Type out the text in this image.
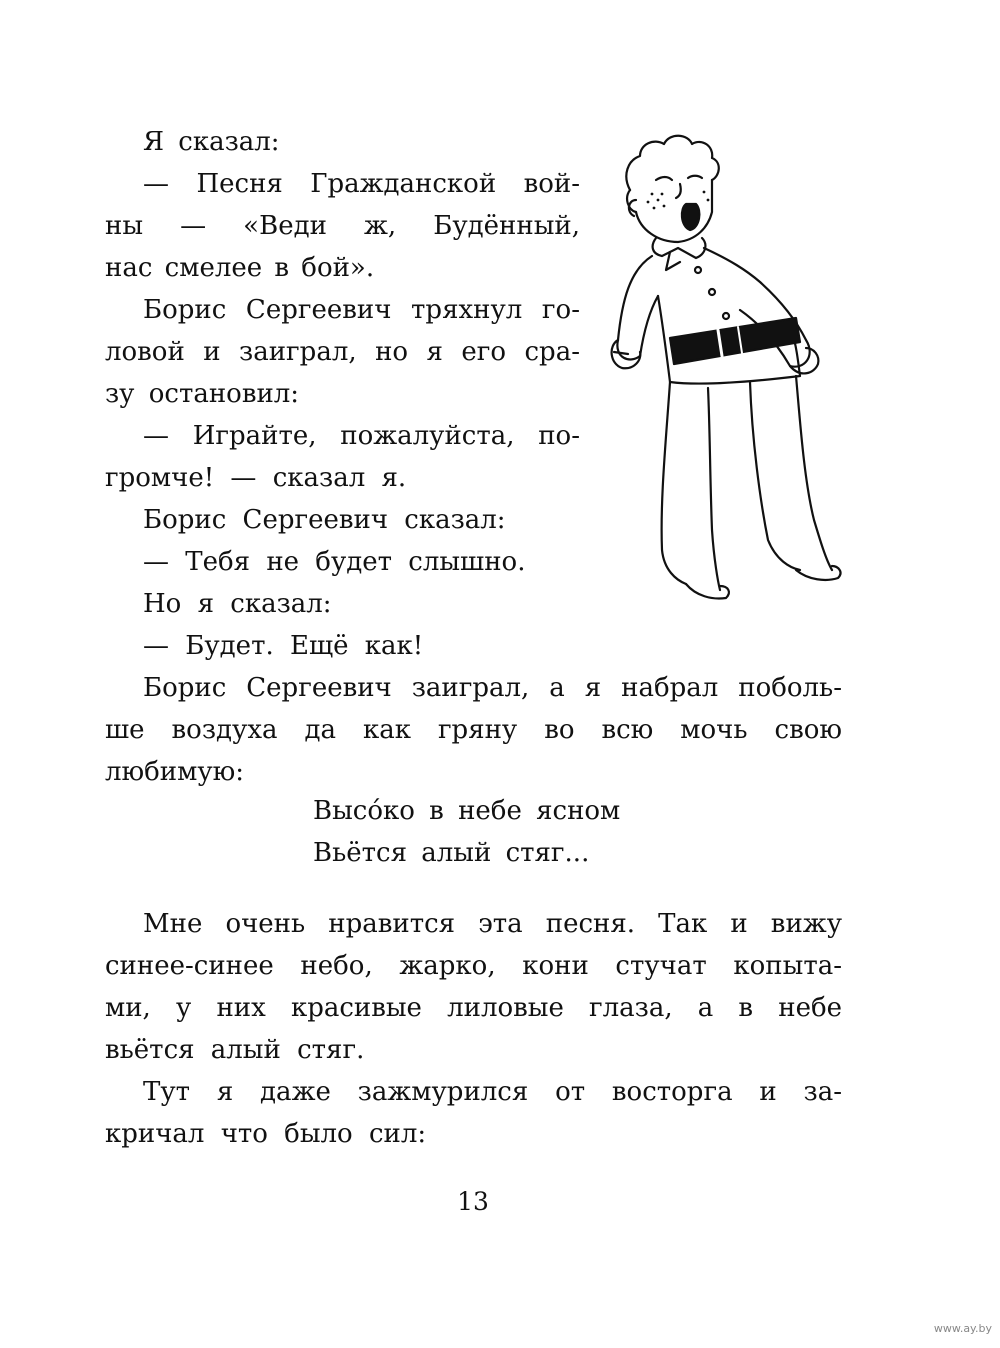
Я сказал:
— Песня Гражданской вой-
ны — «Веди ж, Будённый,
нас смелее в бой».
Борис Сергеевич тряхнул го-
ловой и заиграл, но я его сра-
зу остановил:
— Играйте, пожалуйста, по-
громче! — сказал я.
Борис Сергеевич сказал:
— Тебя не будет слышно.
Но я сказал:
— Будет. Ещё как!
Борис Сергеевич заиграл, а я набрал поболь-
ше воздуха да как гряну во всю мочь свою
любимую:
Высо́ко в небе ясном
Вьётся алый стяг...
Мне очень нравится эта песня. Так и вижу
синее-синее небо, жарко, кони стучат копыта-
ми, у них красивые лиловые глаза, а в небе
вьётся алый стяг.
Тут я даже зажмурился от восторга и за-
кричал что было сил:
13
www.ay.by
